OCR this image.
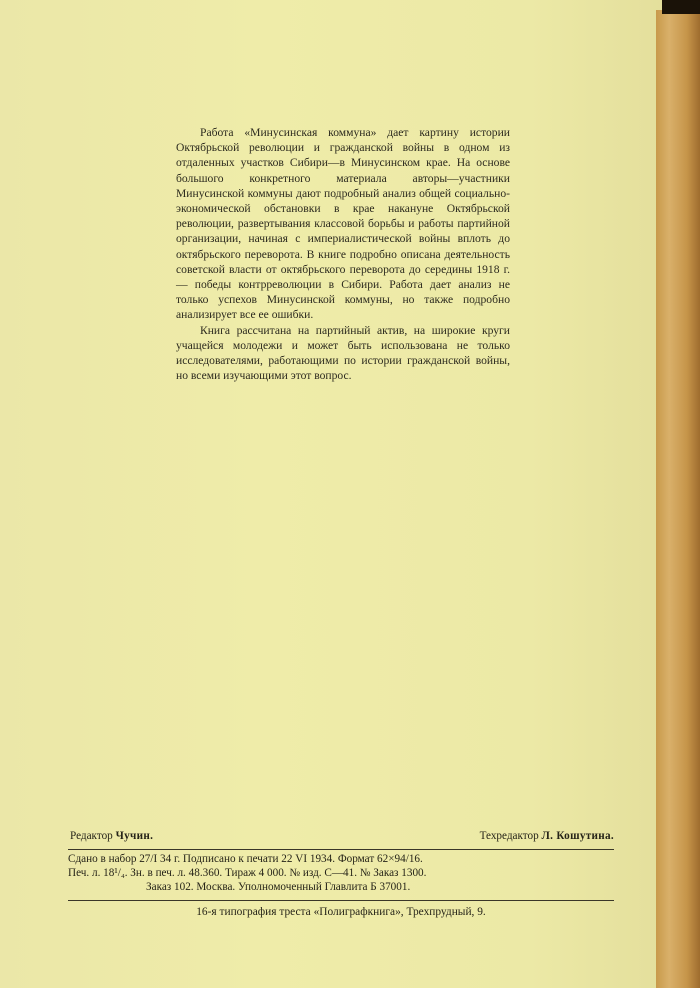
Работа «Минусинская коммуна» дает картину истории Октябрьской революции и гражданской войны в одном из отдаленных участков Сибири—в Минусинском крае. На основе большого конкретного материала авторы—участники Минусинской коммуны дают подробный анализ общей социально-экономической обстановки в крае накануне Октябрьской революции, развертывания классовой борьбы и работы партийной организации, начиная с империалистической войны вплоть до октябрьского переворота. В книге подробно описана деятельность советской власти от октябрьского переворота до середины 1918 г. — победы контрреволюции в Сибири. Работа дает анализ не только успехов Минусинской коммуны, но также подробно анализирует все ее ошибки.

Книга рассчитана на партийный актив, на широкие круги учащейся молодежи и может быть использована не только исследователями, работающими по истории гражданской войны, но всеми изучающими этот вопрос.

Редактор Чучин.	Техредактор Л. Кошутина.
Сдано в набор 27/I 34 г. Подписано к печати 22 VI 1934. Формат 62×94/16.
Печ. л. 18¹/₄. Зн. в печ. л. 48.360. Тираж 4 000. № изд. С—41. № Заказ 1300.
Заказ 102. Москва. Уполномоченный Главлита Б 37001.
16-я типография треста «Полиграфкнига», Трехпрудный, 9.
